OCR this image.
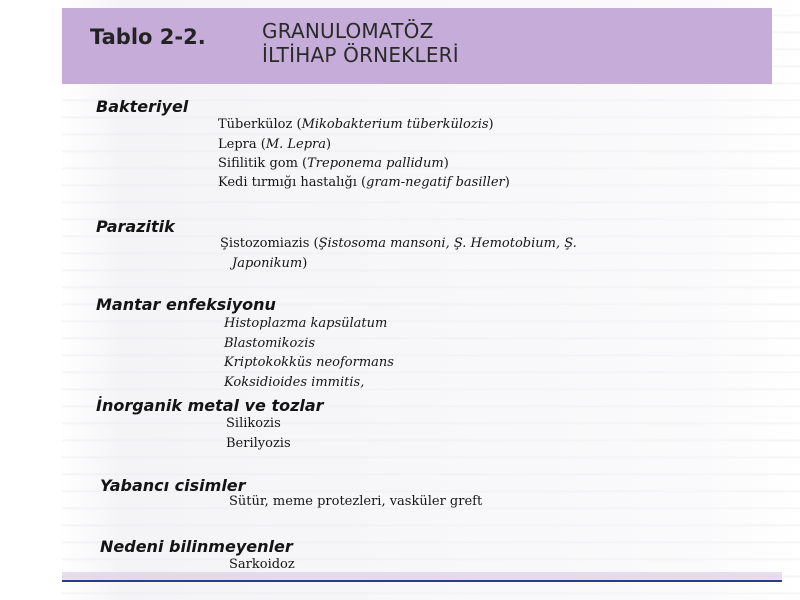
Tablo 2-2.	GRANULOMATÖZ
İLTİHAP ÖRNEKLERİ
Bakteriyel
Tüberküloz (Mikobakterium tüberkülozis)
Lepra (M. Lepra)
Sifilitik gom (Treponema pallidum)
Kedi tırmığı hastalığı (gram-negatif basiller)
Parazitik
Şistozomiazis (Şistosoma mansoni, Ş. Hemotobium, Ş.
Japonikum)
Mantar enfeksiyonu
Histoplazma kapsülatum
Blastomikozis
Kriptokokküs neoformans
Koksidioides immitis,
İnorganik metal ve tozlar
Silikozis
Berilyozis
Yabancı cisimler
Sütür, meme protezleri, vasküler greft
Nedeni bilinmeyenler
Sarkoidoz
